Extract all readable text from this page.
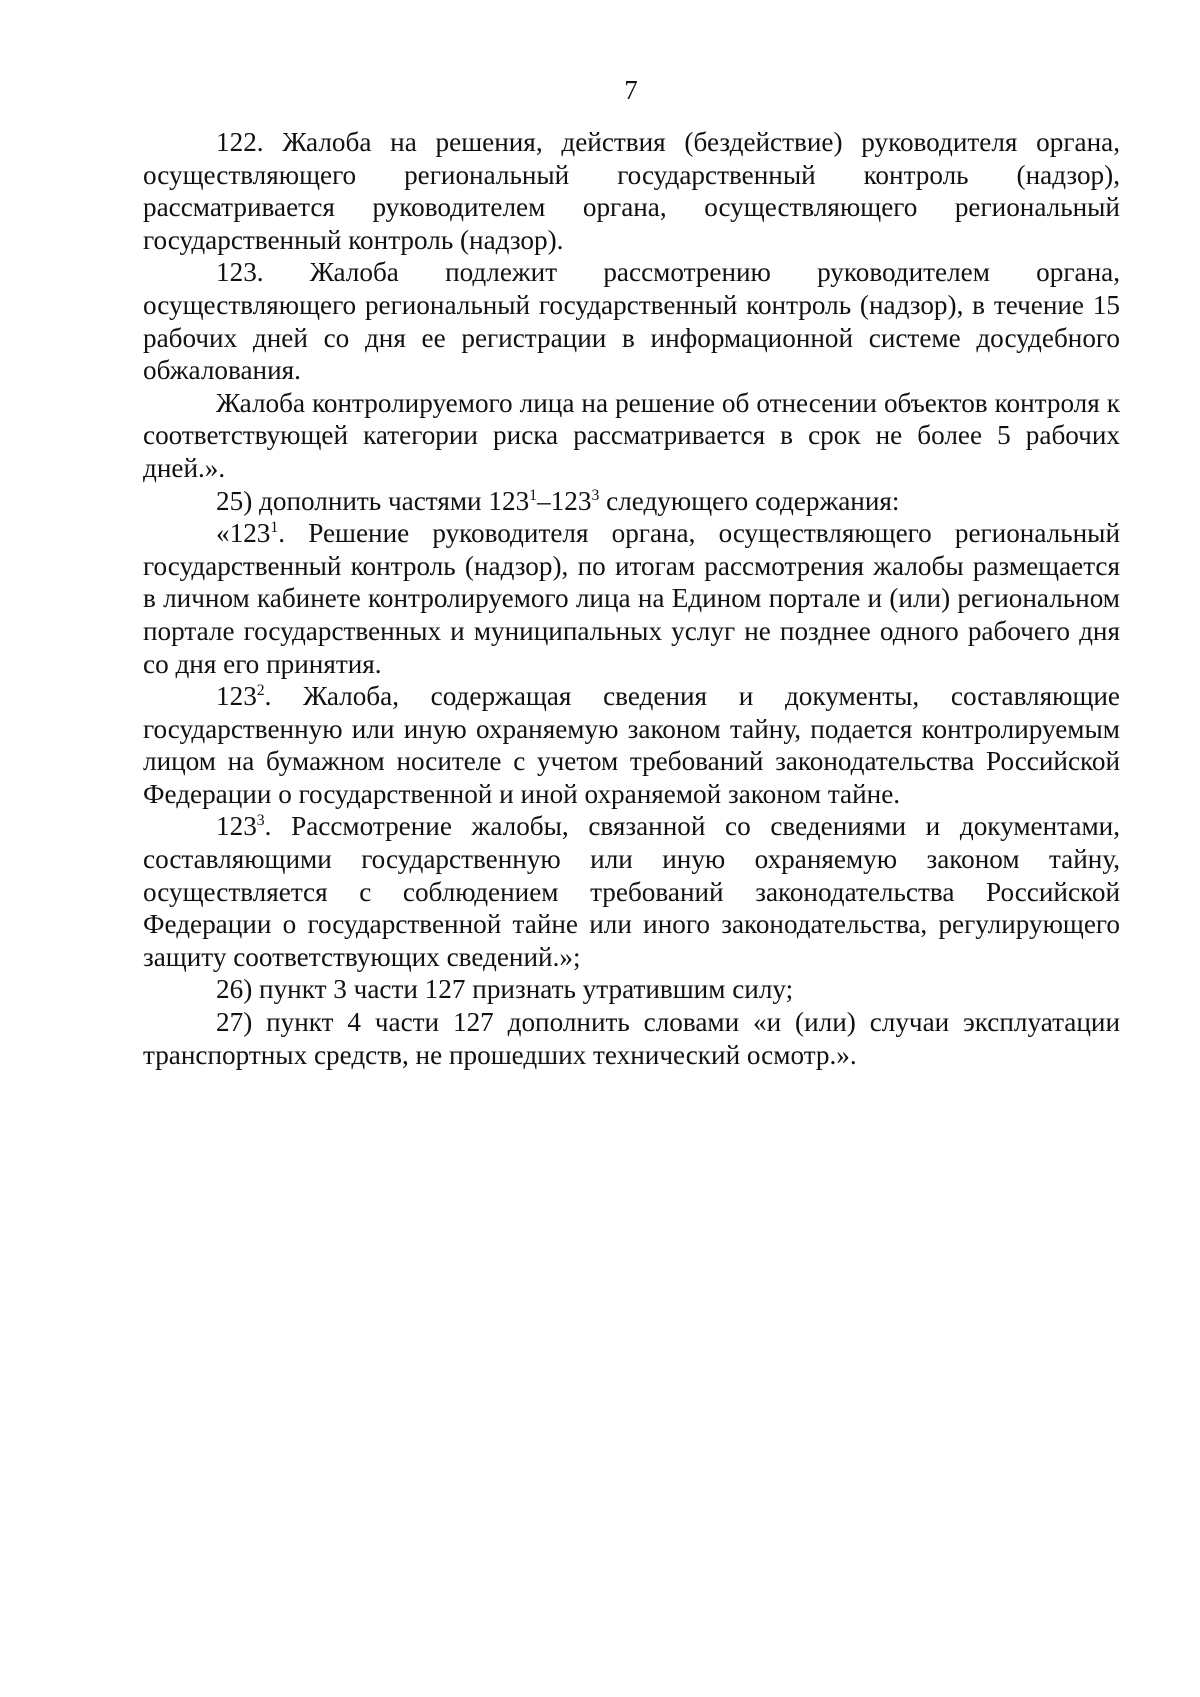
7

122. Жалоба на решения, действия (бездействие) руководителя органа, осуществляющего региональный государственный контроль (надзор), рассматривается руководителем органа, осуществляющего региональный государственный контроль (надзор).

123. Жалоба подлежит рассмотрению руководителем органа, осуществляющего региональный государственный контроль (надзор), в течение 15 рабочих дней со дня ее регистрации в информационной системе досудебного обжалования.

Жалоба контролируемого лица на решение об отнесении объектов контроля к соответствующей категории риска рассматривается в срок не более 5 рабочих дней.».

25) дополнить частями $123^1-123^3$ следующего содержания:

«$123^1$. Решение руководителя органа, осуществляющего региональный государственный контроль (надзор), по итогам рассмотрения жалобы размещается в личном кабинете контролируемого лица на Едином портале и (или) региональном портале государственных и муниципальных услуг не позднее одного рабочего дня со дня его принятия.

$123^2$. Жалоба, содержащая сведения и документы, составляющие государственную или иную охраняемую законом тайну, подается контролируемым лицом на бумажном носителе с учетом требований законодательства Российской Федерации о государственной и иной охраняемой законом тайне.

$123^3$. Рассмотрение жалобы, связанной со сведениями и документами, составляющими государственную или иную охраняемую законом тайну, осуществляется с соблюдением требований законодательства Российской Федерации о государственной тайне или иного законодательства, регулирующего защиту соответствующих сведений.»;

26) пункт 3 части 127 признать утратившим силу;

27) пункт 4 части 127 дополнить словами «и (или) случаи эксплуатации транспортных средств, не прошедших технический осмотр.».
